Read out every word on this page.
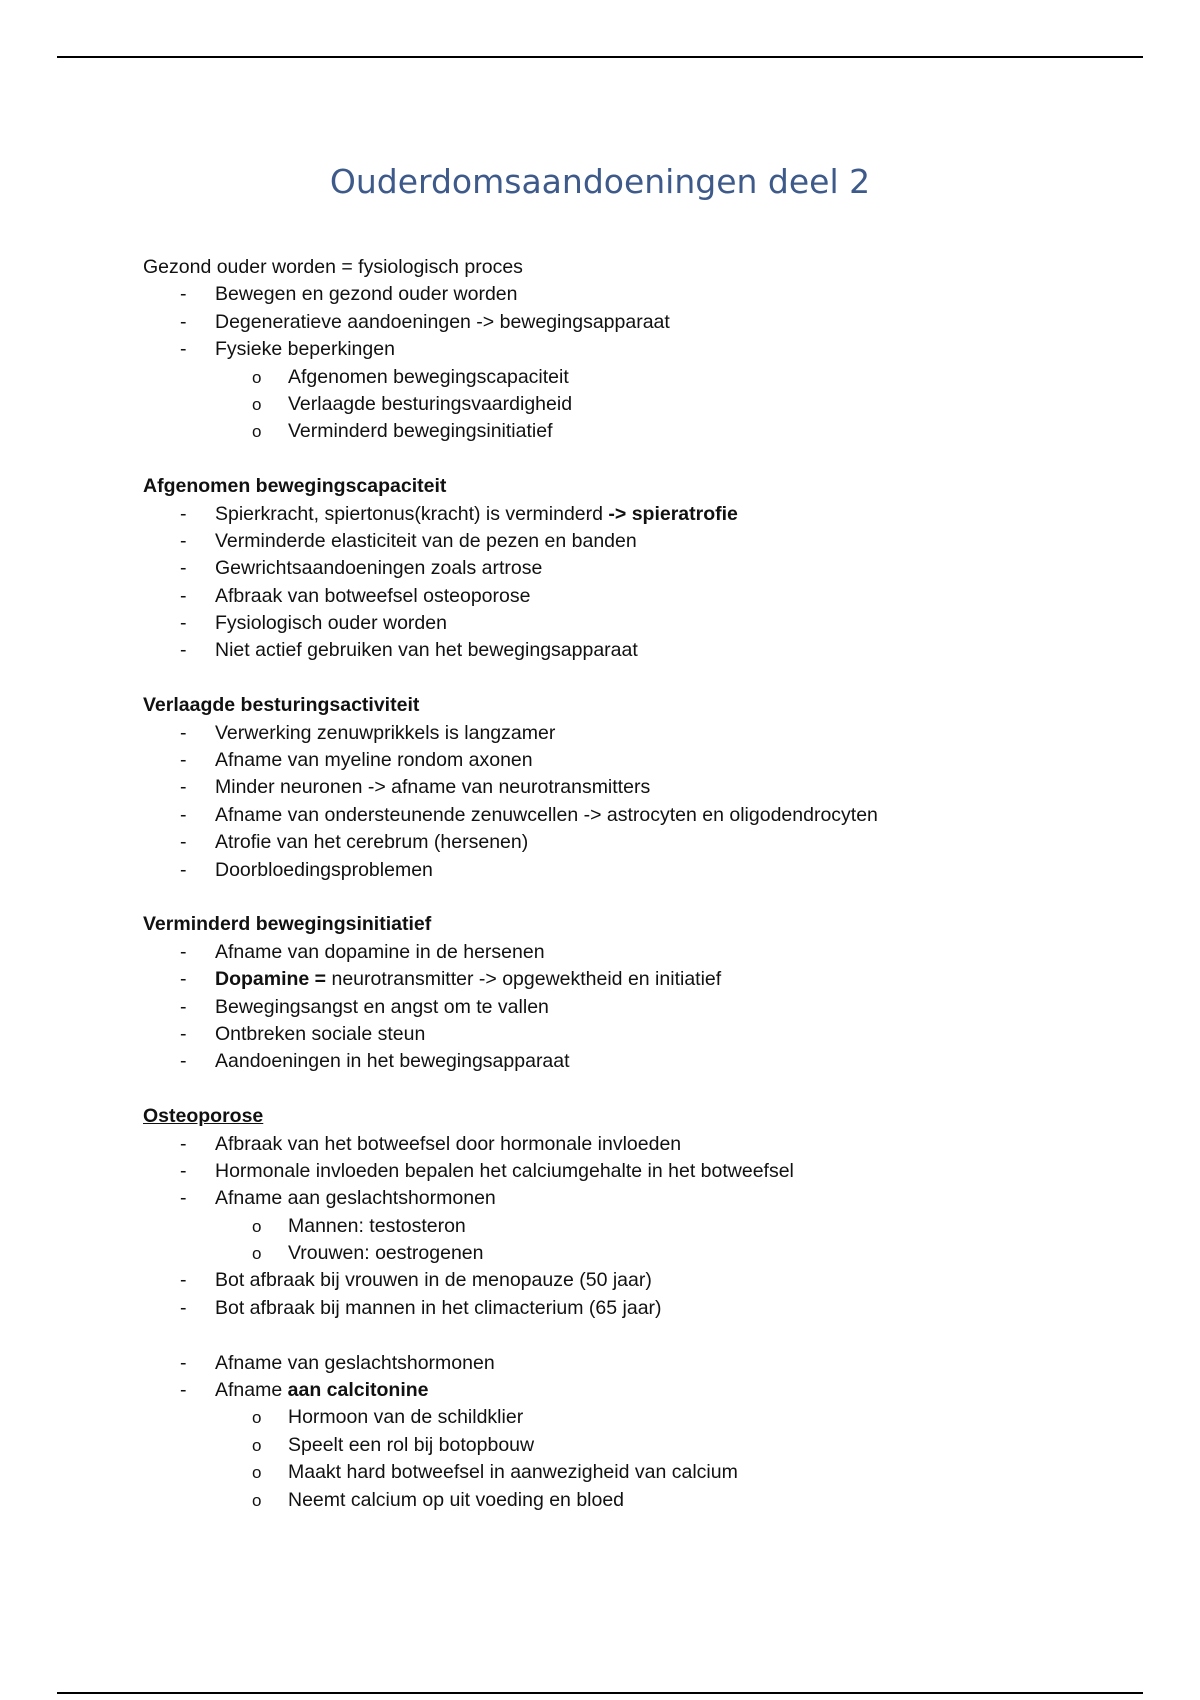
Ouderdomsaandoeningen deel 2
Gezond ouder worden = fysiologisch proces
- Bewegen en gezond ouder worden
- Degeneratieve aandoeningen -> bewegingsapparaat
- Fysieke beperkingen
o Afgenomen bewegingscapaciteit
o Verlaagde besturingsvaardigheid
o Verminderd bewegingsinitiatief
Afgenomen bewegingscapaciteit
- Spierkracht, spiertonus(kracht) is verminderd -> spieratrofie
- Verminderde elasticiteit van de pezen en banden
- Gewrichtsaandoeningen zoals artrose
- Afbraak van botweefsel osteoporose
- Fysiologisch ouder worden
- Niet actief gebruiken van het bewegingsapparaat
Verlaagde besturingsactiviteit
- Verwerking zenuwprikkels is langzamer
- Afname van myeline rondom axonen
- Minder neuronen -> afname van neurotransmitters
- Afname van ondersteunende zenuwcellen -> astrocyten en oligodendrocyten
- Atrofie van het cerebrum (hersenen)
- Doorbloedingsproblemen
Verminderd bewegingsinitiatief
- Afname van dopamine in de hersenen
- Dopamine = neurotransmitter -> opgewektheid en initiatief
- Bewegingsangst en angst om te vallen
- Ontbreken sociale steun
- Aandoeningen in het bewegingsapparaat
Osteoporose
- Afbraak van het botweefsel door hormonale invloeden
- Hormonale invloeden bepalen het calciumgehalte in het botweefsel
- Afname aan geslachtshormonen
o Mannen: testosteron
o Vrouwen: oestrogenen
- Bot afbraak bij vrouwen in de menopauze (50 jaar)
- Bot afbraak bij mannen in het climacterium (65 jaar)
- Afname van geslachtshormonen
- Afname aan calcitonine
o Hormoon van de schildklier
o Speelt een rol bij botopbouw
o Maakt hard botweefsel in aanwezigheid van calcium
o Neemt calcium op uit voeding en bloed
